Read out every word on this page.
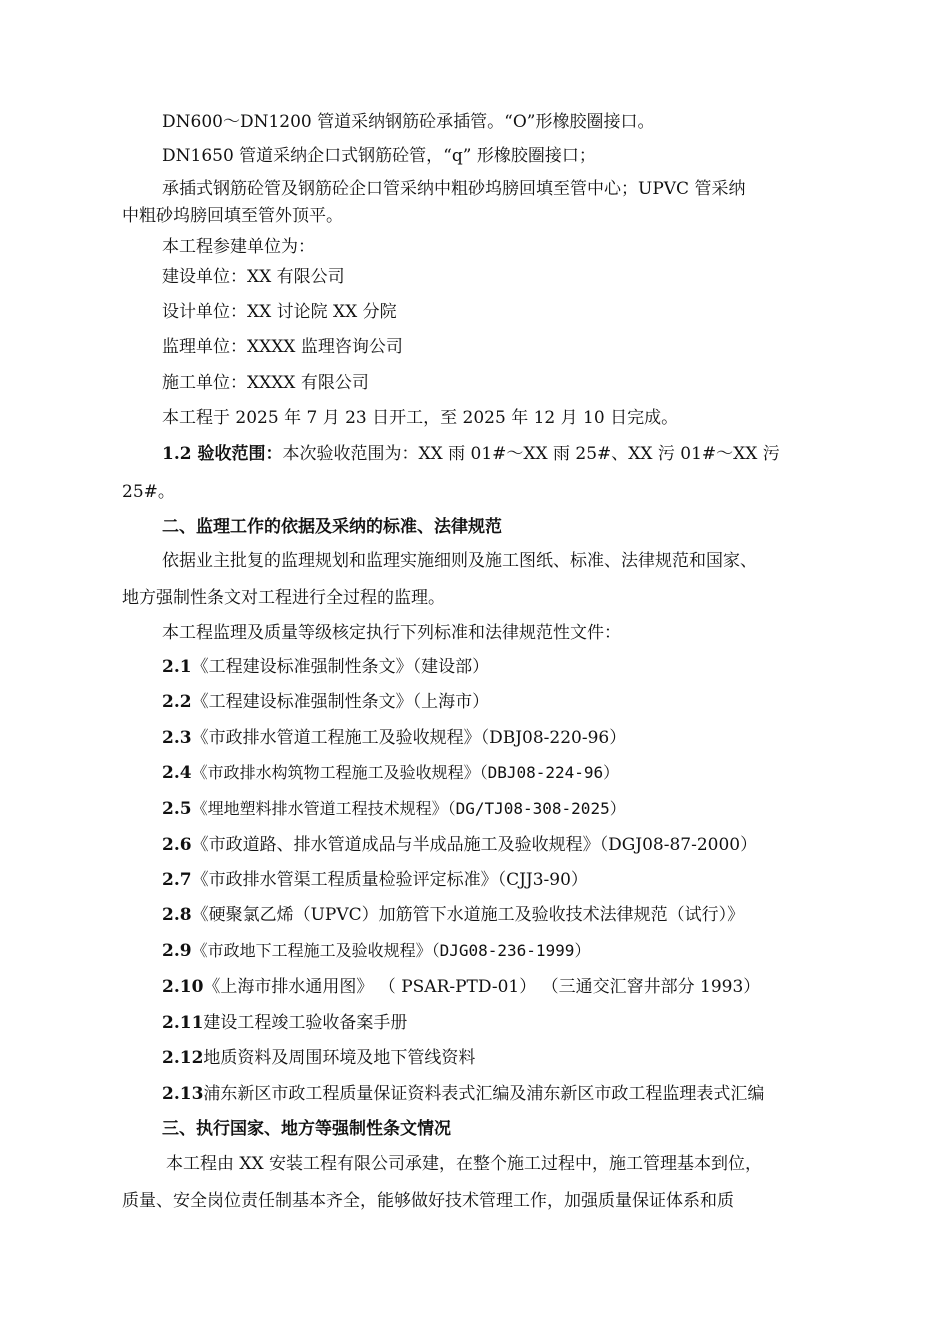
DN600～DN1200 管道采纳钢筋砼承插管。“O”形橡胶圈接口。
DN1650 管道采纳企口式钢筋砼管，“q” 形橡胶圈接口；
承插式钢筋砼管及钢筋砼企口管采纳中粗砂坞膀回填至管中心；UPVC 管采纳
中粗砂坞膀回填至管外顶平。
本工程参建单位为：
建设单位：XX 有限公司
设计单位：XX 讨论院 XX 分院
监理单位：XXXX 监理咨询公司
施工单位：XXXX 有限公司
本工程于 2025 年 7 月 23 日开工，至 2025 年 12 月 10 日完成。
1.2 验收范围：本次验收范围为：XX 雨 01#～XX 雨 25#、XX 污 01#～XX 污
25#。
二、监理工作的依据及采纳的标准、法律规范
依据业主批复的监理规划和监理实施细则及施工图纸、标准、法律规范和国家、
地方强制性条文对工程进行全过程的监理。
本工程监理及质量等级核定执行下列标准和法律规范性文件：
2.1《工程建设标准强制性条文》（建设部）
2.2《工程建设标准强制性条文》（上海市）
2.3《市政排水管道工程施工及验收规程》（DBJ08-220-96）
2.4《市政排水构筑物工程施工及验收规程》（DBJ08-224-96）
2.5《埋地塑料排水管道工程技术规程》（DG/TJ08-308-2025）
2.6《市政道路、排水管道成品与半成品施工及验收规程》（DGJ08-87-2000）
2.7《市政排水管渠工程质量检验评定标准》（CJJ3-90）
2.8《硬聚氯乙烯（UPVC）加筋管下水道施工及验收技术法律规范（试行）》
2.9《市政地下工程施工及验收规程》（DJG08-236-1999）
2.10《上海市排水通用图》 （ PSAR-PTD-01） （三通交汇窨井部分 1993）
2.11建设工程竣工验收备案手册
2.12地质资料及周围环境及地下管线资料
2.13浦东新区市政工程质量保证资料表式汇编及浦东新区市政工程监理表式汇编
三、执行国家、地方等强制性条文情况
本工程由 XX 安装工程有限公司承建，在整个施工过程中，施工管理基本到位，
质量、安全岗位责任制基本齐全，能够做好技术管理工作，加强质量保证体系和质
